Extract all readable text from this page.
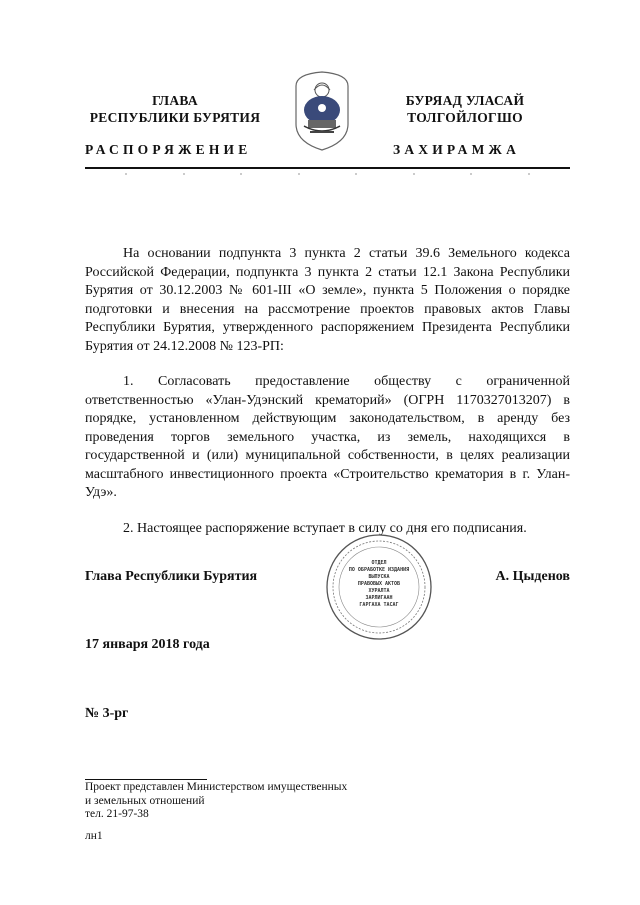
ГЛАВА
РЕСПУБЛИКИ БУРЯТИЯ
БУРЯАД УЛАСАЙ
ТОЛГОЙЛОГШО
РАСПОРЯЖЕНИЕ	ЗАХИРАМЖА

На основании подпункта 3 пункта 2 статьи 39.6 Земельного кодекса Российской Федерации, подпункта 3 пункта 2 статьи 12.1 Закона Республики Бурятия от 30.12.2003 № 601-III «О земле», пункта 5 Положения о порядке подготовки и внесения на рассмотрение проектов правовых актов Главы Республики Бурятия, утвержденного распоряжением Президента Республики Бурятия от 24.12.2008 № 123-РП:

1. Согласовать предоставление обществу с ограниченной ответственностью «Улан-Удэнский крематорий» (ОГРН 1170327013207) в порядке, установленном действующим законодательством, в аренду без проведения торгов земельного участка, из земель, находящихся в государственной и (или) муниципальной собственности, в целях реализации масштабного инвестиционного проекта «Строительство крематория в г. Улан-Удэ».

2. Настоящее распоряжение вступает в силу со дня его подписания.

Глава Республики Бурятия	А. Цыденов
ОТДЕЛ
ПО ОБРАБОТКЕ ИЗДАНИЯ
ВЫПУСКА
ПРАВОВЫХ АКТОВ
ХУРАЛТА
ЗАРЛИГААН
ГАРГАХА ТАСАГ
17 января 2018 года
№ 3-рг
Проект представлен Министерством имущественных
и земельных отношений
тел. 21-97-38
лн1
